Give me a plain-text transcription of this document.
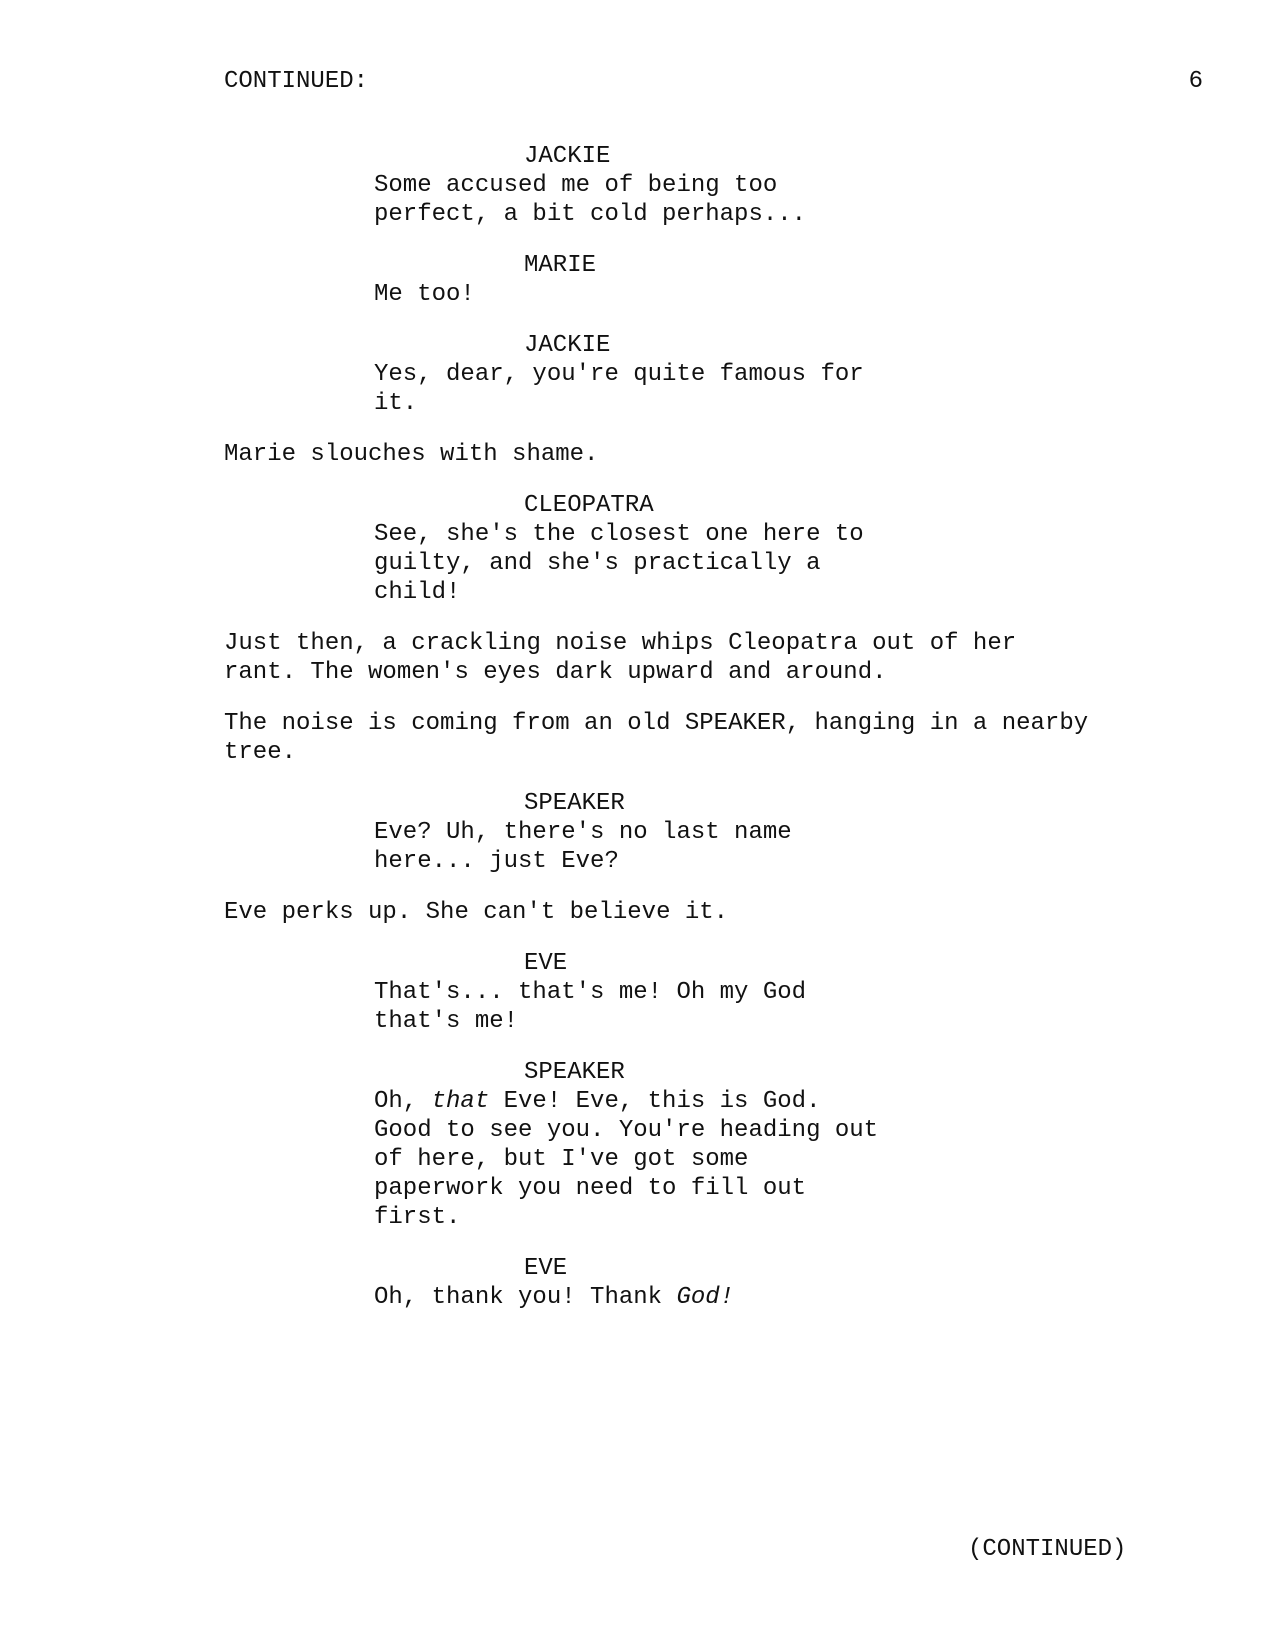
CONTINUED:	6
JACKIE
Some accused me of being too
perfect, a bit cold perhaps...
MARIE
Me too!
JACKIE
Yes, dear, you're quite famous for
it.
Marie slouches with shame.
CLEOPATRA
See, she's the closest one here to
guilty, and she's practically a
child!
Just then, a crackling noise whips Cleopatra out of her
rant. The women's eyes dark upward and around.
The noise is coming from an old SPEAKER, hanging in a nearby
tree.
SPEAKER
Eve? Uh, there's no last name
here... just Eve?
Eve perks up. She can't believe it.
EVE
That's... that's me! Oh my God
that's me!
SPEAKER
Oh, that Eve! Eve, this is God.
Good to see you. You're heading out
of here, but I've got some
paperwork you need to fill out
first.
EVE
Oh, thank you! Thank God!
(CONTINUED)
